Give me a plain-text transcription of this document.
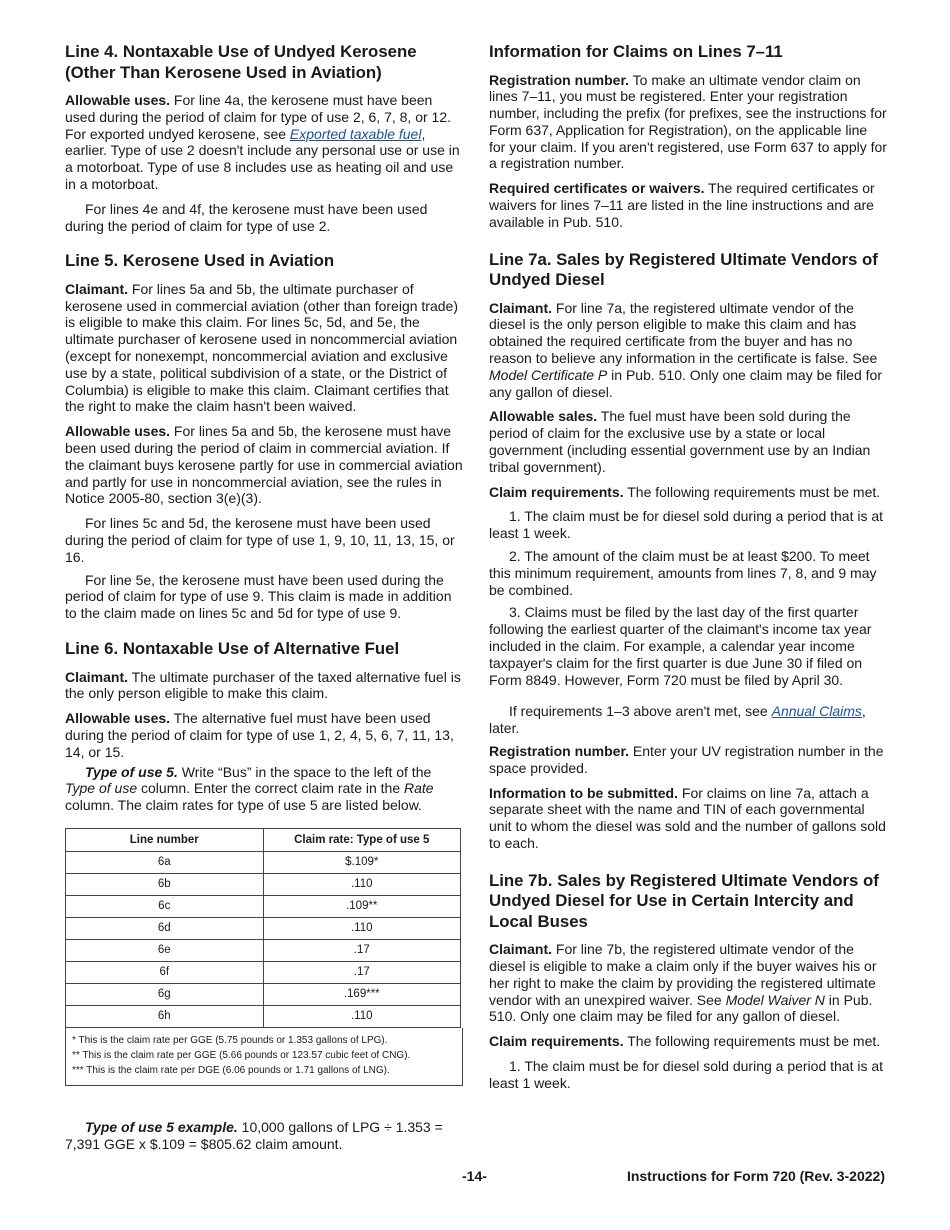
Line 4. Nontaxable Use of Undyed Kerosene (Other Than Kerosene Used in Aviation)

Allowable uses. For line 4a, the kerosene must have been used during the period of claim for type of use 2, 6, 7, 8, or 12. For exported undyed kerosene, see Exported taxable fuel, earlier. Type of use 2 doesn't include any personal use or use in a motorboat. Type of use 8 includes use as heating oil and use in a motorboat.

For lines 4e and 4f, the kerosene must have been used during the period of claim for type of use 2.

Line 5. Kerosene Used in Aviation

Claimant. For lines 5a and 5b, the ultimate purchaser of kerosene used in commercial aviation (other than foreign trade) is eligible to make this claim. For lines 5c, 5d, and 5e, the ultimate purchaser of kerosene used in noncommercial aviation (except for nonexempt, noncommercial aviation and exclusive use by a state, political subdivision of a state, or the District of Columbia) is eligible to make this claim. Claimant certifies that the right to make the claim hasn't been waived.

Allowable uses. For lines 5a and 5b, the kerosene must have been used during the period of claim in commercial aviation. If the claimant buys kerosene partly for use in commercial aviation and partly for use in noncommercial aviation, see the rules in Notice 2005-80, section 3(e)(3).

For lines 5c and 5d, the kerosene must have been used during the period of claim for type of use 1, 9, 10, 11, 13, 15, or 16.

For line 5e, the kerosene must have been used during the period of claim for type of use 9. This claim is made in addition to the claim made on lines 5c and 5d for type of use 9.

Line 6. Nontaxable Use of Alternative Fuel

Claimant. The ultimate purchaser of the taxed alternative fuel is the only person eligible to make this claim.

Allowable uses. The alternative fuel must have been used during the period of claim for type of use 1, 2, 4, 5, 6, 7, 11, 13, 14, or 15.

Type of use 5. Write “Bus” in the space to the left of the Type of use column. Enter the correct claim rate in the Rate column. The claim rates for type of use 5 are listed below.

Line number	Claim rate: Type of use 5
6a	$.109*
6b	.110
6c	.109**
6d	.110
6e	.17
6f	.17
6g	.169***
6h	.110
* This is the claim rate per GGE (5.75 pounds or 1.353 gallons of LPG).
** This is the claim rate per GGE (5.66 pounds or 123.57 cubic feet of CNG).
*** This is the claim rate per DGE (6.06 pounds or 1.71 gallons of LNG).

Type of use 5 example. 10,000 gallons of LPG ÷ 1.353 = 7,391 GGE x $.109 = $805.62 claim amount.

Information for Claims on Lines 7–11

Registration number. To make an ultimate vendor claim on lines 7–11, you must be registered. Enter your registration number, including the prefix (for prefixes, see the instructions for Form 637, Application for Registration), on the applicable line for your claim. If you aren't registered, use Form 637 to apply for a registration number.

Required certificates or waivers. The required certificates or waivers for lines 7–11 are listed in the line instructions and are available in Pub. 510.

Line 7a. Sales by Registered Ultimate Vendors of Undyed Diesel

Claimant. For line 7a, the registered ultimate vendor of the diesel is the only person eligible to make this claim and has obtained the required certificate from the buyer and has no reason to believe any information in the certificate is false. See Model Certificate P in Pub. 510. Only one claim may be filed for any gallon of diesel.

Allowable sales. The fuel must have been sold during the period of claim for the exclusive use by a state or local government (including essential government use by an Indian tribal government).

Claim requirements. The following requirements must be met.

1. The claim must be for diesel sold during a period that is at least 1 week.

2. The amount of the claim must be at least $200. To meet this minimum requirement, amounts from lines 7, 8, and 9 may be combined.

3. Claims must be filed by the last day of the first quarter following the earliest quarter of the claimant's income tax year included in the claim. For example, a calendar year income taxpayer's claim for the first quarter is due June 30 if filed on Form 8849. However, Form 720 must be filed by April 30.

If requirements 1–3 above aren't met, see Annual Claims, later.

Registration number. Enter your UV registration number in the space provided.

Information to be submitted. For claims on line 7a, attach a separate sheet with the name and TIN of each governmental unit to whom the diesel was sold and the number of gallons sold to each.

Line 7b. Sales by Registered Ultimate Vendors of Undyed Diesel for Use in Certain Intercity and Local Buses

Claimant. For line 7b, the registered ultimate vendor of the diesel is eligible to make a claim only if the buyer waives his or her right to make the claim by providing the registered ultimate vendor with an unexpired waiver. See Model Waiver N in Pub. 510. Only one claim may be filed for any gallon of diesel.

Claim requirements. The following requirements must be met.

1. The claim must be for diesel sold during a period that is at least 1 week.

-14-	Instructions for Form 720 (Rev. 3-2022)
